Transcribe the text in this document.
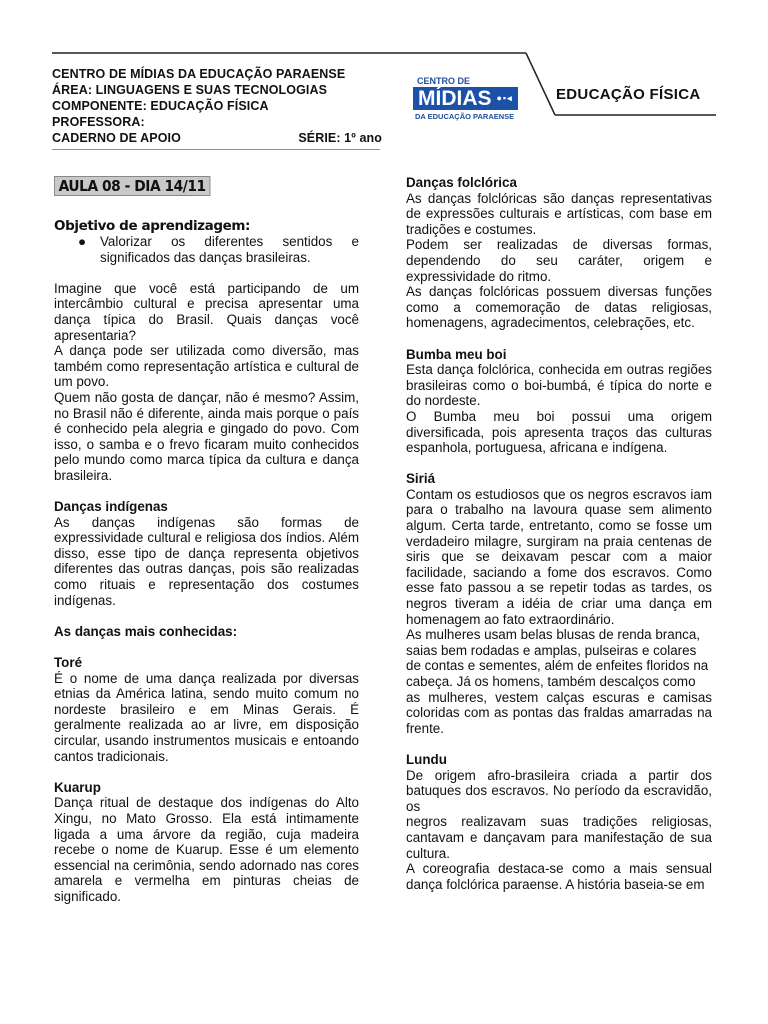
CENTRO DE MÍDIAS DA EDUCAÇÃO PARAENSE
ÁREA: LINGUAGENS E SUAS TECNOLOGIAS
COMPONENTE: EDUCAÇÃO FÍSICA
PROFESSORA:
CADERNO DE APOIO	SÉRIE: 1º ano
CENTRO DE
MÍDIAS ●▪◂
DA EDUCAÇÃO PARAENSE
EDUCAÇÃO FÍSICA
AULA 08 - DIA 14/11
Objetivo de aprendizagem:
●	Valorizar os diferentes sentidos e significados das danças brasileiras.

Imagine que você está participando de um intercâmbio cultural e precisa apresentar uma dança típica do Brasil. Quais danças você apresentaria?

A dança pode ser utilizada como diversão, mas também como representação artística e cultural de um povo.

Quem não gosta de dançar, não é mesmo? Assim, no Brasil não é diferente, ainda mais porque o país é conhecido pela alegria e gingado do povo. Com isso, o samba e o frevo ficaram muito conhecidos pelo mundo como marca típica da cultura e dança brasileira.

Danças indígenas

As danças indígenas são formas de expressividade cultural e religiosa dos índios. Além disso, esse tipo de dança representa objetivos diferentes das outras danças, pois são realizadas como rituais e representação dos costumes indígenas.

As danças mais conhecidas:
Toré

É o nome de uma dança realizada por diversas etnias da América latina, sendo muito comum no nordeste brasileiro e em Minas Gerais. É geralmente realizada ao ar livre, em disposição circular, usando instrumentos musicais e entoando cantos tradicionais.

Kuarup

Dança ritual de destaque dos indígenas do Alto Xingu, no Mato Grosso. Ela está intimamente ligada a uma árvore da região, cuja madeira recebe o nome de Kuarup. Esse é um elemento essencial na cerimônia, sendo adornado nas cores amarela e vermelha em pinturas cheias de significado.

Danças folclórica

As danças folclóricas são danças representativas de expressões culturais e artísticas, com base em tradições e costumes.

Podem ser realizadas de diversas formas, dependendo do seu caráter, origem e expressividade do ritmo.

As danças folclóricas possuem diversas funções como a comemoração de datas religiosas, homenagens, agradecimentos, celebrações, etc.

Bumba meu boi

Esta dança folclórica, conhecida em outras regiões brasileiras como o boi-bumbá, é típica do norte e do nordeste.

O Bumba meu boi possui uma origem diversificada, pois apresenta traços das culturas espanhola, portuguesa, africana e indígena.

Siriá

Contam os estudiosos que os negros escravos iam para o trabalho na lavoura quase sem alimento algum. Certa tarde, entretanto, como se fosse um verdadeiro milagre, surgiram na praia centenas de siris que se deixavam pescar com a maior facilidade, saciando a fome dos escravos. Como esse fato passou a se repetir todas as tardes, os negros tiveram a idéia de criar uma dança em homenagem ao fato extraordinário.

As mulheres usam belas blusas de renda branca, saias bem rodadas e amplas, pulseiras e colares de contas e sementes, além de enfeites floridos na cabeça. Já os homens, também descalços como

as mulheres, vestem calças escuras e camisas coloridas com as pontas das fraldas amarradas na frente.

Lundu

De origem afro-brasileira criada a partir dos batuques dos escravos. No período da escravidão, os

negros realizavam suas tradições religiosas, cantavam e dançavam para manifestação de sua cultura.

A coreografia destaca-se como a mais sensual dança folclórica paraense. A história baseia-se em
